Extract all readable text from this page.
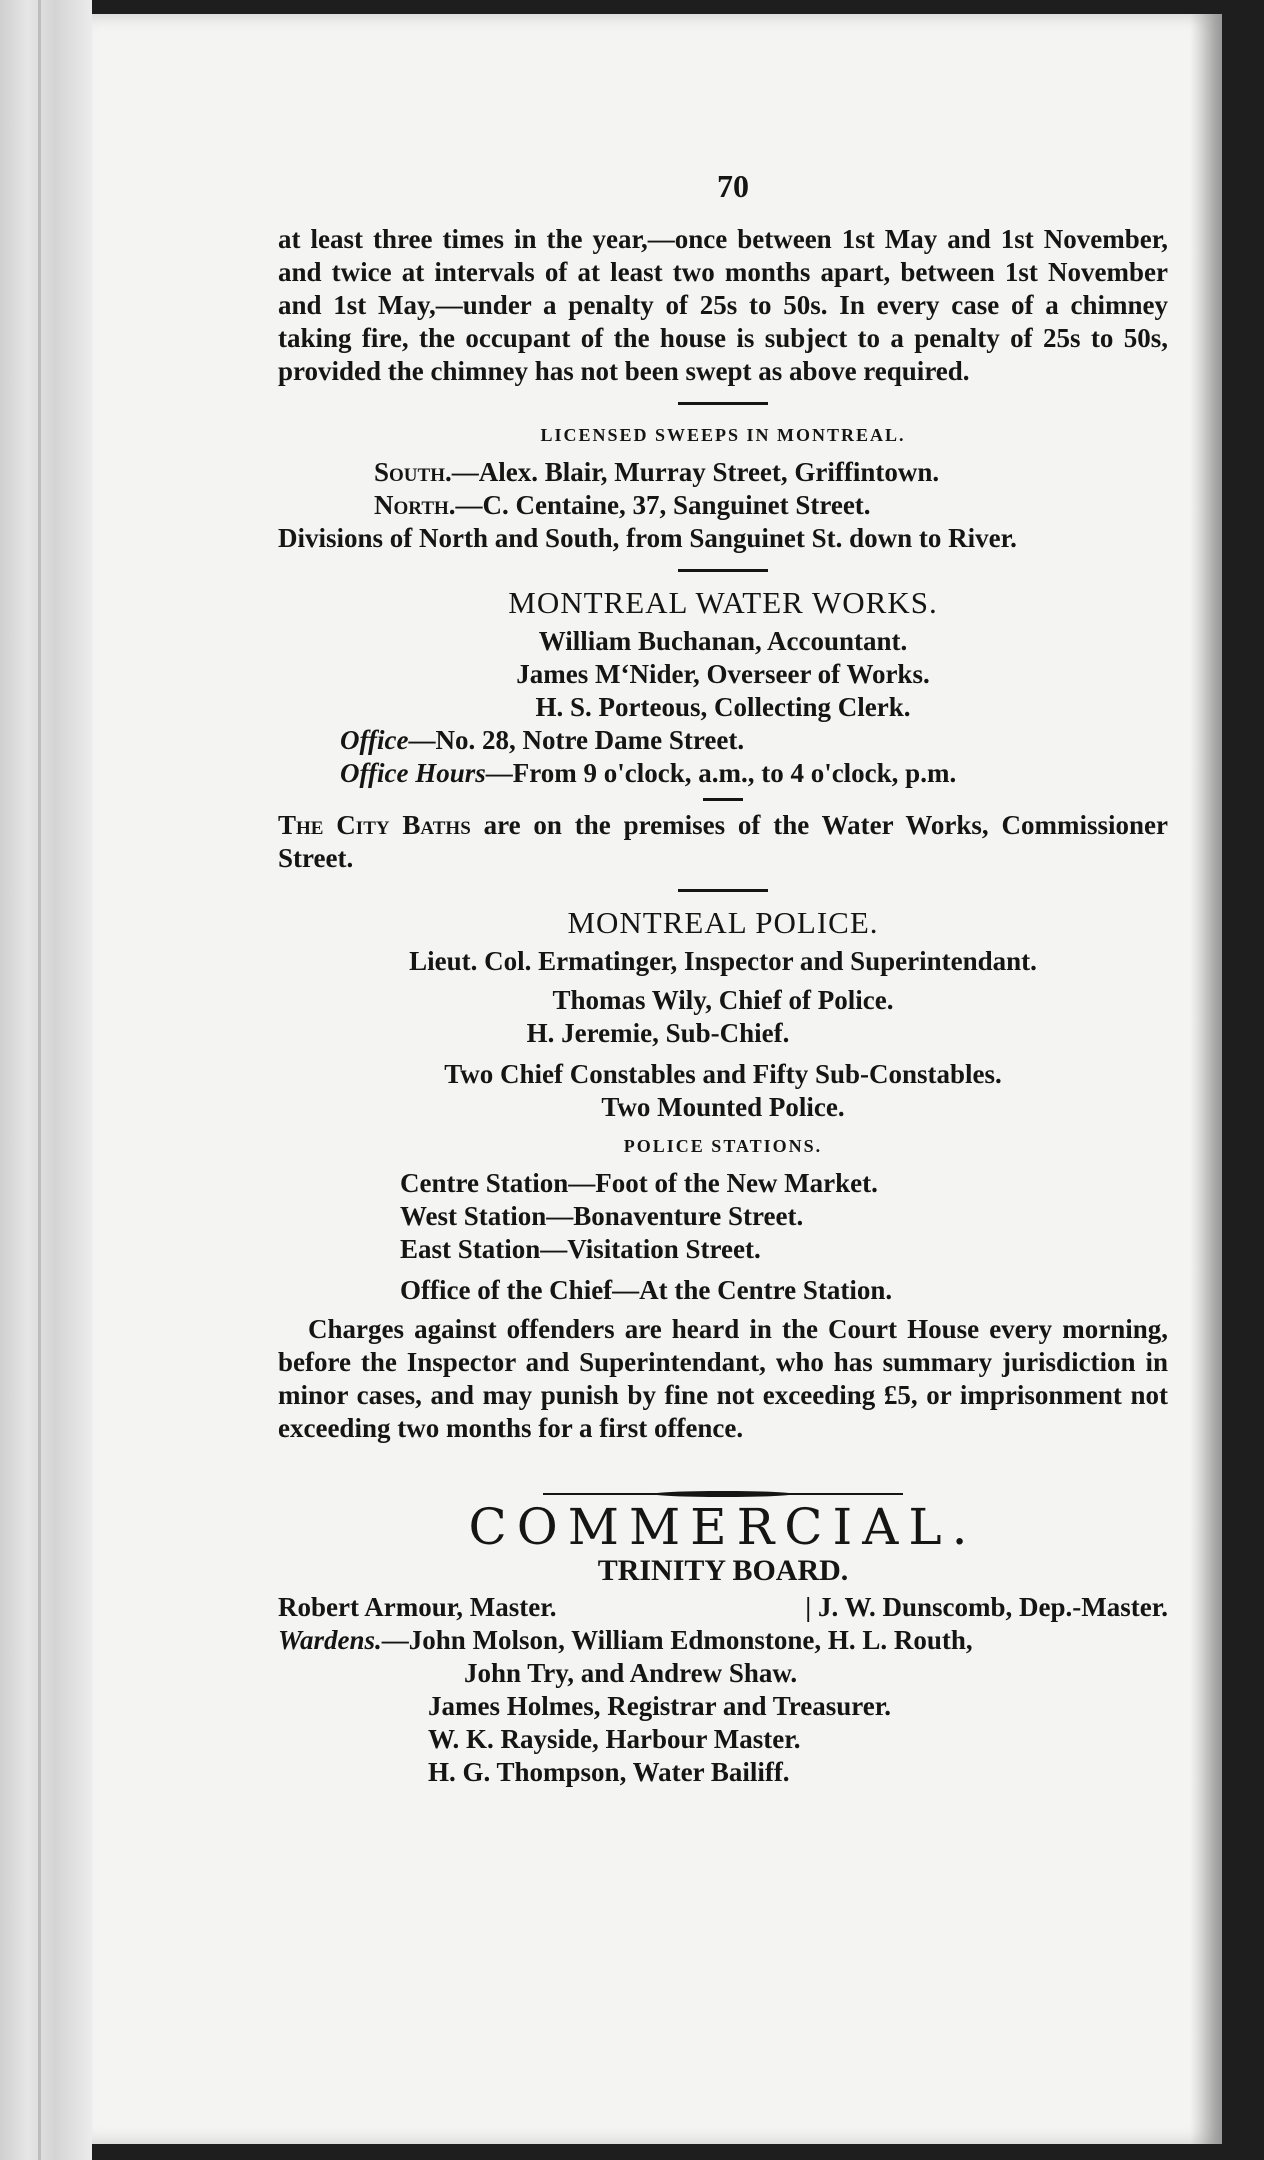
70

at least three times in the year,—once between 1st May and 1st November, and twice at intervals of at least two months apart, between 1st November and 1st May,—under a penalty of 25s to 50s. In every case of a chimney taking fire, the occupant of the house is subject to a penalty of 25s to 50s, provided the chimney has not been swept as above required.

LICENSED SWEEPS IN MONTREAL.

South.—Alex. Blair, Murray Street, Griffintown.

North.—C. Centaine, 37, Sanguinet Street.

Divisions of North and South, from Sanguinet St. down to River.

MONTREAL WATER WORKS.

William Buchanan, Accountant.

James M‘Nider, Overseer of Works.

H. S. Porteous, Collecting Clerk.

Office—No. 28, Notre Dame Street.

Office Hours—From 9 o'clock, a.m., to 4 o'clock, p.m.

The City Baths are on the premises of the Water Works, Commissioner Street.

MONTREAL POLICE.

Lieut. Col. Ermatinger, Inspector and Superintendant.

Thomas Wily, Chief of Police.

H. Jeremie, Sub-Chief.

Two Chief Constables and Fifty Sub-Constables.

Two Mounted Police.

POLICE STATIONS.

Centre Station—Foot of the New Market.

West Station—Bonaventure Street.

East Station—Visitation Street.

Office of the Chief—At the Centre Station.

Charges against offenders are heard in the Court House every morning, before the Inspector and Superintendant, who has summary jurisdiction in minor cases, and may punish by fine not exceeding £5, or imprisonment not exceeding two months for a first offence.

COMMERCIAL.
TRINITY BOARD.
Robert Armour, Master.	| J. W. Dunscomb, Dep.-Master.

Wardens.—John Molson, William Edmonstone, H. L. Routh,

John Try, and Andrew Shaw.

James Holmes, Registrar and Treasurer.

W. K. Rayside, Harbour Master.

H. G. Thompson, Water Bailiff.
